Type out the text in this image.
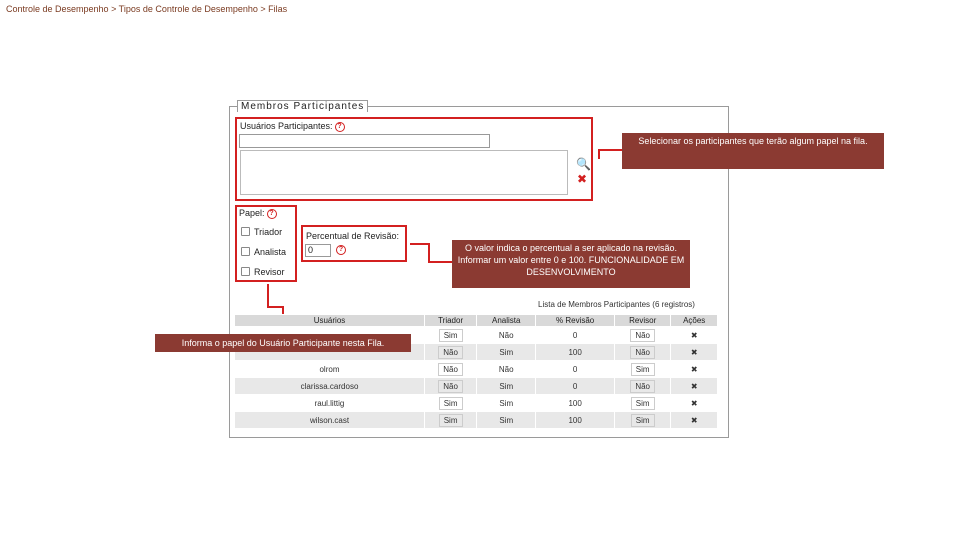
Controle de Desempenho > Tipos de Controle de Desempenho > Filas
Membros Participantes
Usuários Participantes: ?
🔍
✖
Papel: ?
Triador
Analista
Revisor
Percentual de Revisão:
0	?
Selecionar os participantes que terão algum papel na fila.
O valor indica o percentual a ser aplicado na revisão. Informar um valor entre 0 e 100. FUNCIONALIDADE EM DESENVOLVIMENTO
Lista de Membros Participantes (6 registros)
Usuários	Triador	Analista	% Revisão	Revisor	Ações
	Sim	Não	0	Não	✖
	Não	Sim	100	Não	✖
olrom	Não	Não	0	Sim	✖
clarissa.cardoso	Não	Sim	0	Não	✖
raul.littig	Sim	Sim	100	Sim	✖
wilson.cast	Sim	Sim	100	Sim	✖
Informa o papel do Usuário Participante nesta Fila.
